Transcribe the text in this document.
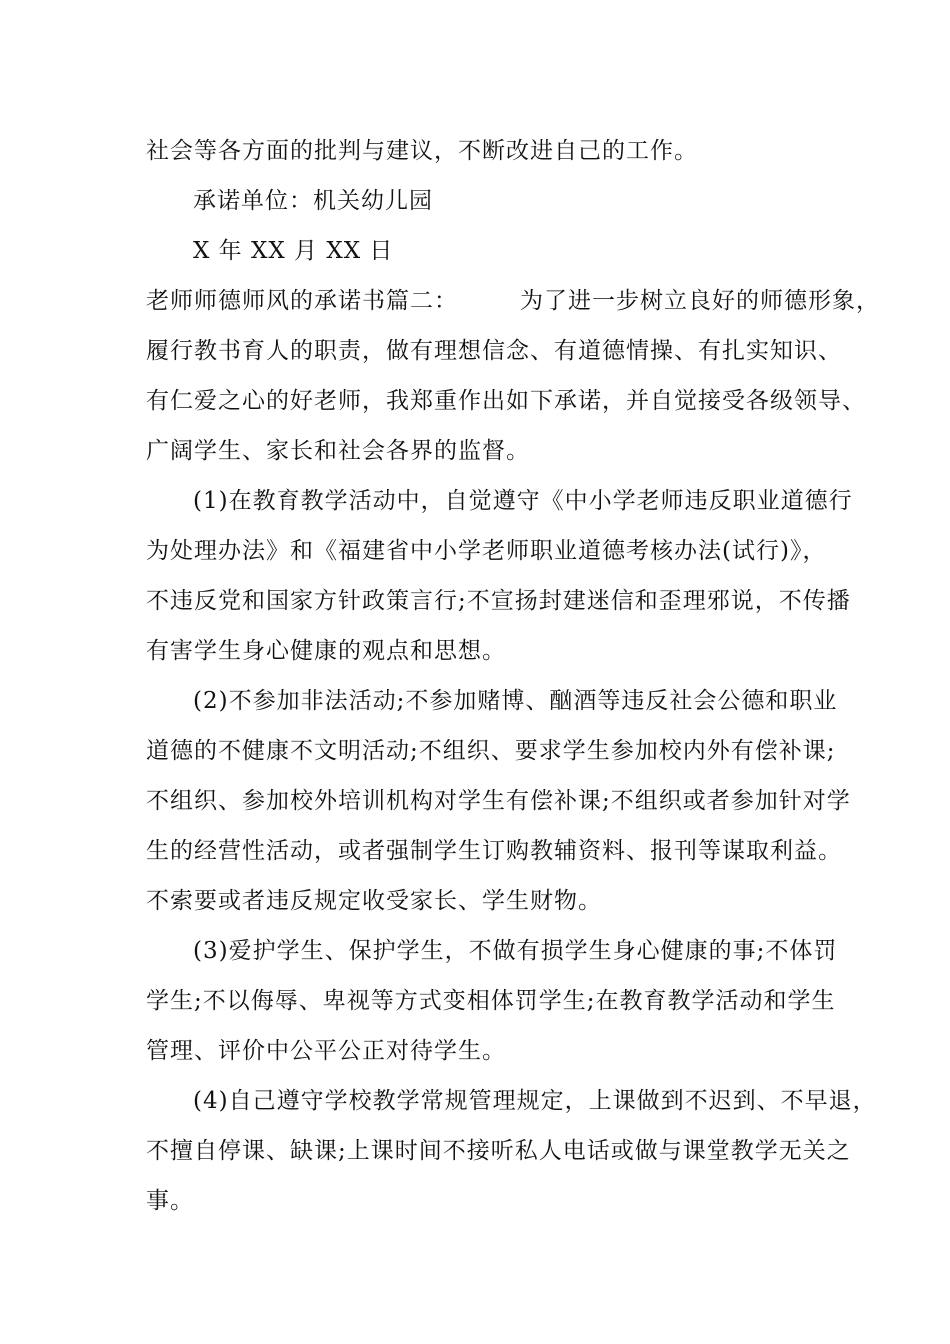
社会等各方面的批判与建议，不断改进自己的工作。
承诺单位：机关幼儿园
X 年 XX 月 XX 日
老师师德师风的承诺书篇二：	为了进一步树立良好的师德形象，
履行教书育人的职责，做有理想信念、有道德情操、有扎实知识、
有仁爱之心的好老师，我郑重作出如下承诺，并自觉接受各级领导、
广阔学生、家长和社会各界的监督。
(1)在教育教学活动中，自觉遵守《中小学老师违反职业道德行
为处理办法》和《福建省中小学老师职业道德考核办法(试行)》，
不违反党和国家方针政策言行;不宣扬封建迷信和歪理邪说，不传播
有害学生身心健康的观点和思想。
(2)不参加非法活动;不参加赌博、酗酒等违反社会公德和职业
道德的不健康不文明活动;不组织、要求学生参加校内外有偿补课;
不组织、参加校外培训机构对学生有偿补课;不组织或者参加针对学
生的经营性活动，或者强制学生订购教辅资料、报刊等谋取利益。
不索要或者违反规定收受家长、学生财物。
(3)爱护学生、保护学生，不做有损学生身心健康的事;不体罚
学生;不以侮辱、卑视等方式变相体罚学生;在教育教学活动和学生
管理、评价中公平公正对待学生。
(4)自己遵守学校教学常规管理规定，上课做到不迟到、不早退，
不擅自停课、缺课;上课时间不接听私人电话或做与课堂教学无关之
事。
